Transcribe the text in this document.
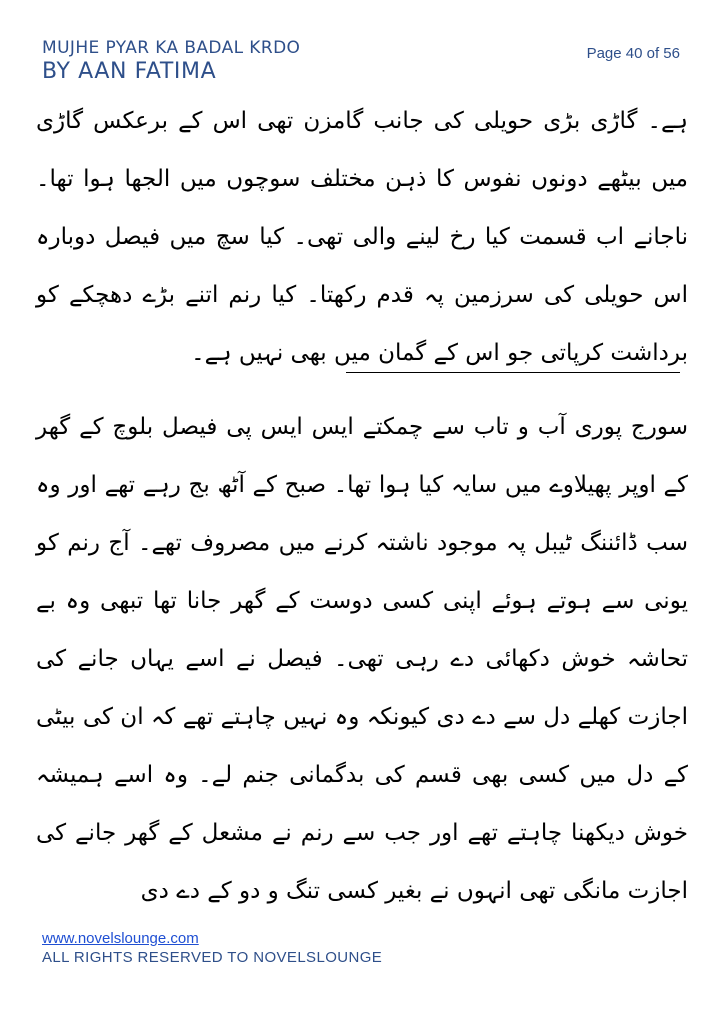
MUJHE PYAR KA BADAL KRDO
BY AAN FATIMA
Page 40 of 56

ہے۔ گاڑی بڑی حویلی کی جانب گامزن تھی اس کے برعکس گاڑی میں بیٹھے دونوں نفوس کا ذہن مختلف سوچوں میں الجھا ہوا تھا۔ ناجانے اب قسمت کیا رخ لینے والی تھی۔ کیا سچ میں فیصل دوبارہ اس حویلی کی سرزمین پہ قدم رکھتا۔ کیا رنم اتنے بڑے دھچکے کو برداشت کرپاتی جو اس کے گمان میں بھی نہیں ہے۔

سورج پوری آب و تاب سے چمکتے ایس ایس پی فیصل بلوچ کے گھر کے اوپر پھیلاوے میں سایہ کیا ہوا تھا۔ صبح کے آٹھ بج رہے تھے اور وہ سب ڈائننگ ٹیبل پہ موجود ناشتہ کرنے میں مصروف تھے۔ آج رنم کو یونی سے ہوتے ہوئے اپنی کسی دوست کے گھر جانا تھا تبھی وہ بے تحاشہ خوش دکھائی دے رہی تھی۔ فیصل نے اسے یہاں جانے کی اجازت کھلے دل سے دے دی کیونکہ وہ نہیں چاہتے تھے کہ ان کی بیٹی کے دل میں کسی بھی قسم کی بدگمانی جنم لے۔ وہ اسے ہمیشہ خوش دیکھنا چاہتے تھے اور جب سے رنم نے مشعل کے گھر جانے کی اجازت مانگی تھی انہوں نے بغیر کسی تنگ و دو کے دے دی

www.novelslounge.com
ALL RIGHTS RESERVED TO NOVELSLOUNGE
